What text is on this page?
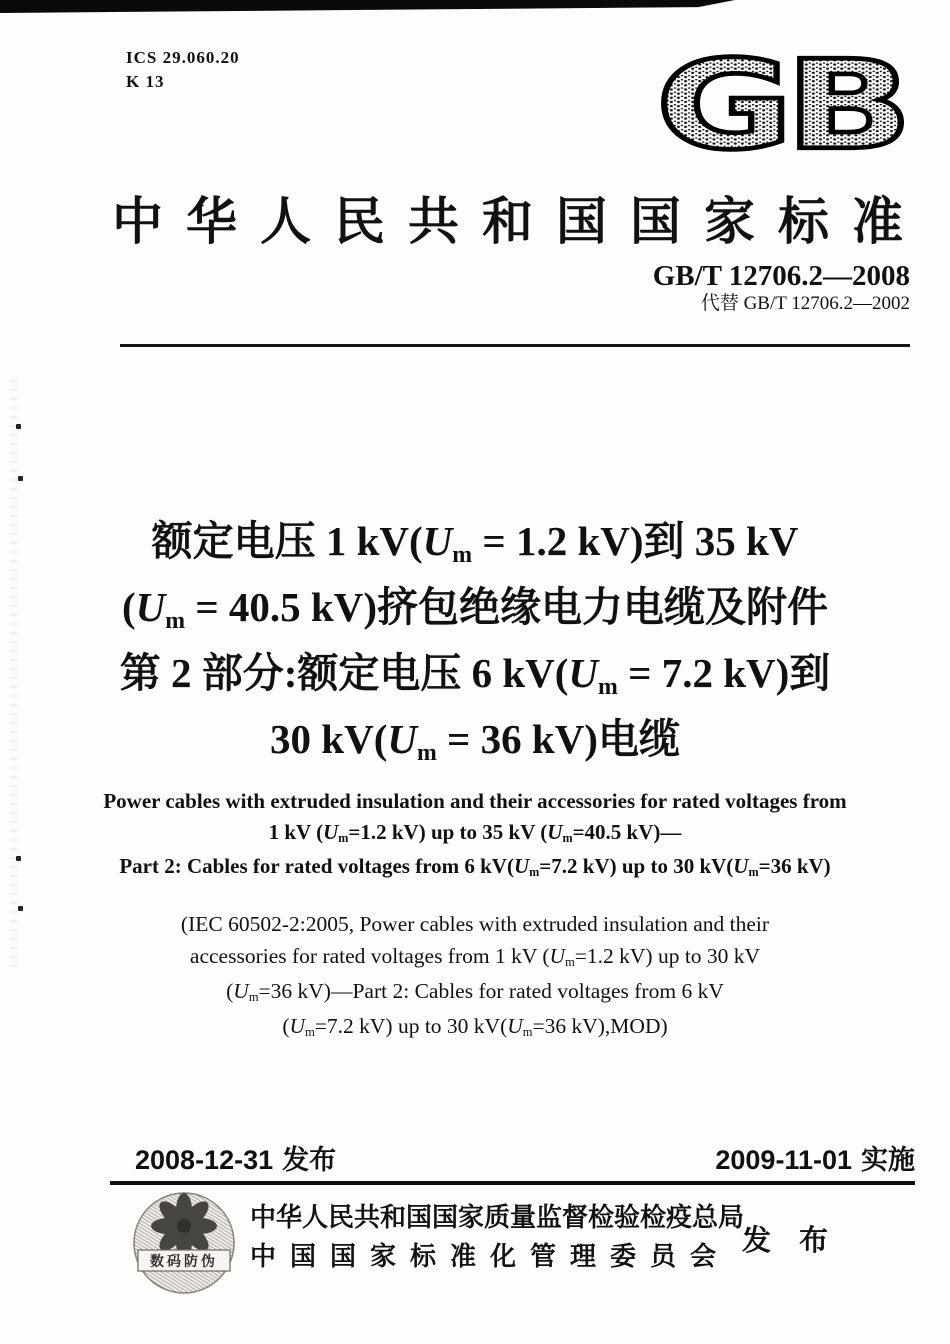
ICS 29.060.20
K 13	GB
中华人民共和国国家标准
GB/T 12706.2—2008
代替 GB/T 12706.2—2002
额定电压 1 $kV(U_m = 1.2$ kV)到 35 kV
($U_m = 40.5$ kV)挤包绝缘电力电缆及附件
第 2 部分:额定电压 6 $kV(U_m = 7.2$ kV)到
30 $kV(U_m = 36$ kV)电缆
Power cables with extruded insulation and their accessories for rated voltages from
1 kV ($U_m=1.2$ kV) up to 35 kV ($U_m=40.5$ kV)—
Part 2: Cables for rated voltages from 6 $kV(U_m=7.2$ kV) up to 30 $kV(U_m=36$ kV)
(IEC 60502-2:2005, Power cables with extruded insulation and their
accessories for rated voltages from 1 kV ($U_m=1.2$ kV) up to 30 kV
($U_m=36$ kV)—Part 2: Cables for rated voltages from 6 kV
($U_m=7.2$ kV) up to 30 $kV(U_m=36$ kV),MOD)
2008-12-31 发布	2009-11-01 实施
数码防伪
中华人民共和国国家质量监督检验检疫总局
中国国家标准化管理委员会 发 布
